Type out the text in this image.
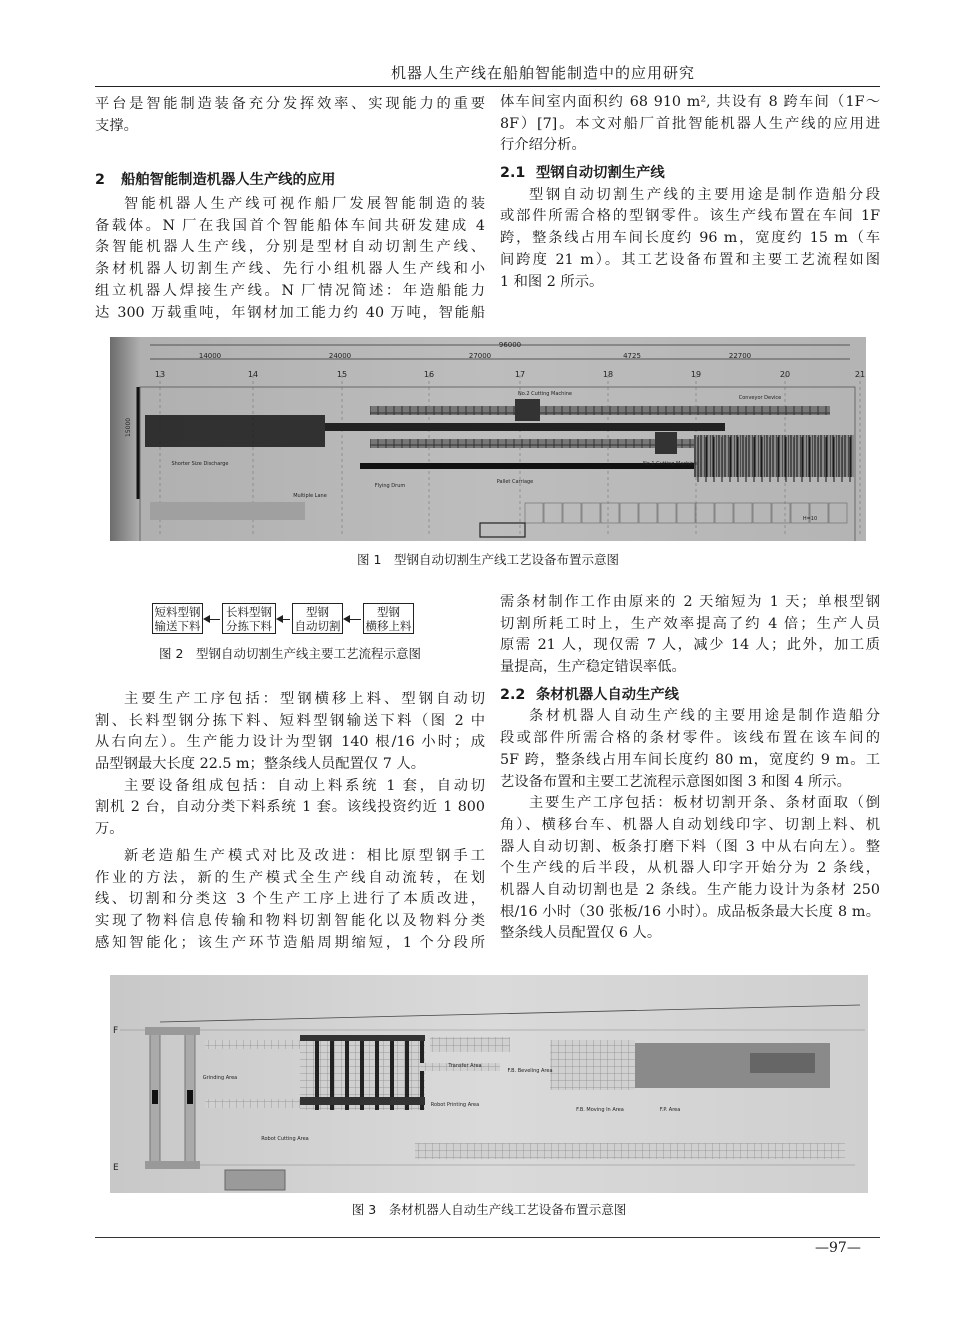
机器人生产线在船舶智能制造中的应用研究
平台是智能制造装备充分发挥效率、实现能力的重要
支撑。
2 船舶智能制造机器人生产线的应用
智能机器人生产线可视作船厂发展智能制造的装
备载体。N 厂在我国首个智能船体车间共研发建成 4
条智能机器人生产线，分别是型材自动切割生产线、
条材机器人切割生产线、先行小组机器人生产线和小
组立机器人焊接生产线。N 厂情况简述：年造船能力
达 300 万载重吨，年钢材加工能力约 40 万吨，智能船
体车间室内面积约 68 910 m², 共设有 8 跨车间（1F～
8F）[7]。本文对船厂首批智能机器人生产线的应用进
行介绍分析。
2.1 型钢自动切割生产线
型钢自动切割生产线的主要用途是制作造船分段
或部件所需合格的型钢零件。该生产线布置在车间 1F
跨，整条线占用车间长度约 96 m，宽度约 15 m（车
间跨度 21 m）。其工艺设备布置和主要工艺流程如图
1 和图 2 所示。
13	14	15	16	17	18	19	20	21
96000
14000	24000	27000	4725	22700
15000
No.2 Cutting Machine
Conveyor Device
No.1 Cutting Machine
Shorter Size Discharge
Pallet Carriage
Flying Drum
Multiple Lane
H=10
图 1　型钢自动切割生产线工艺设备布置示意图
短料型钢
输送下料
长料型钢
分拣下料
型钢
自动切割
型钢
横移上料
图 2　型钢自动切割生产线主要工艺流程示意图
主要生产工序包括：型钢横移上料、型钢自动切
割、长料型钢分拣下料、短料型钢输送下料（图 2 中
从右向左）。生产能力设计为型钢 140 根/16 小时；成
品型钢最大长度 22.5 m；整条线人员配置仅 7 人。
主要设备组成包括：自动上料系统 1 套，自动切
割机 2 台，自动分类下料系统 1 套。该线投资约近 1 800
万。
新老造船生产模式对比及改进：相比原型钢手工
作业的方法，新的生产模式全生产线自动流转，在划
线、切割和分类这 3 个生产工序上进行了本质改进，
实现了物料信息传输和物料切割智能化以及物料分类
感知智能化；该生产环节造船周期缩短，1 个分段所
需条材制作工作由原来的 2 天缩短为 1 天；单根型钢
切割所耗工时上，生产效率提高了约 4 倍；生产人员
原需 21 人，现仅需 7 人，减少 14 人；此外，加工质
量提高，生产稳定错误率低。
2.2 条材机器人自动生产线
条材机器人自动生产线的主要用途是制作造船分
段或部件所需合格的条材零件。该线布置在该车间的
5F 跨，整条线占用车间长度约 80 m，宽度约 9 m。工
艺设备布置和主要工艺流程示意图如图 3 和图 4 所示。
主要生产工序包括：板材切割开条、条材面取（倒
角）、横移台车、机器人自动划线印字、切割上料、机
器人自动切割、板条打磨下料（图 3 中从右向左）。整
个生产线的后半段，从机器人印字开始分为 2 条线，
机器人自动切割也是 2 条线。生产能力设计为条材 250
根/16 小时（30 张板/16 小时）。成品板条最大长度 8 m。
整条线人员配置仅 6 人。
F
E
Grinding Area
Transfer Area
F.B. Beveling Area
Robot Printing Area
F.B. Moving In Area	F.P. Area
Robot Cutting Area
图 3　条材机器人自动生产线工艺设备布置示意图
—97—
